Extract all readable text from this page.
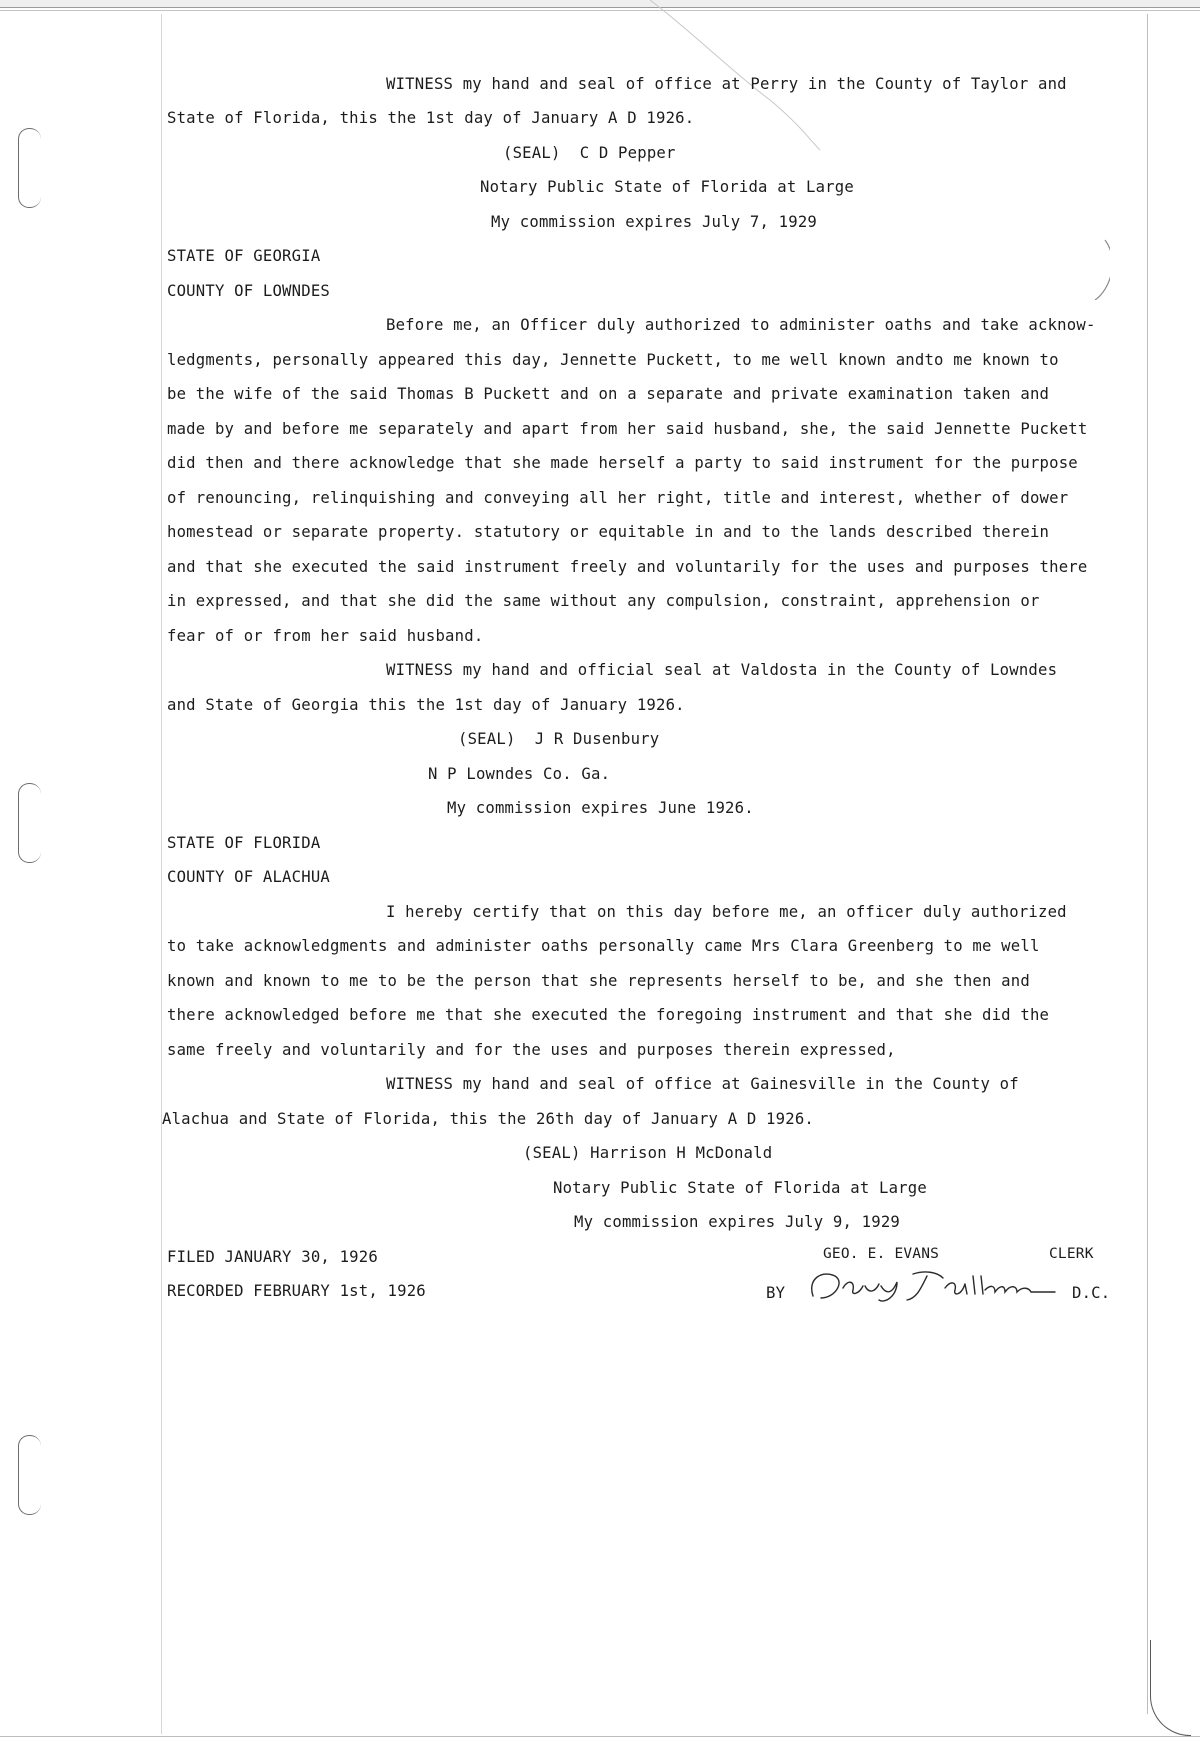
WITNESS my hand and seal of office at Perry in the County of Taylor and
State of Florida, this the 1st day of January A D 1926.
(SEAL)  C D Pepper
Notary Public State of Florida at Large
My commission expires July 7, 1929
STATE OF GEORGIA
COUNTY OF LOWNDES
Before me, an Officer duly authorized to administer oaths and take acknow-
ledgments, personally appeared this day, Jennette Puckett, to me well known andto me known to
be the wife of the said Thomas B Puckett and on a separate and private examination taken and
made by and before me separately and apart from her said husband, she, the said Jennette Puckett
did then and there acknowledge that she made herself a party to said instrument for the purpose
of renouncing, relinquishing and conveying all her right, title and interest, whether of dower
homestead or separate property. statutory or equitable in and to the lands described therein
and that she executed the said instrument freely and voluntarily for the uses and purposes there
in expressed, and that she did the same without any compulsion, constraint, apprehension or
fear of or from her said husband.
WITNESS my hand and official seal at Valdosta in the County of Lowndes
and State of Georgia this the 1st day of January 1926.
(SEAL)  J R Dusenbury
N P Lowndes Co. Ga.
My commission expires June 1926.
STATE OF FLORIDA
COUNTY OF ALACHUA
I hereby certify that on this day before me, an officer duly authorized
to take acknowledgments and administer oaths personally came Mrs Clara Greenberg to me well
known and known to me to be the person that she represents herself to be, and she then and
there acknowledged before me that she executed the foregoing instrument and that she did the
same freely and voluntarily and for the uses and purposes therein expressed,
WITNESS my hand and seal of office at Gainesville in the County of
Alachua and State of Florida, this the 26th day of January A D 1926.
(SEAL) Harrison H McDonald
Notary Public State of Florida at Large
My commission expires July 9, 1929
FILED JANUARY 30, 1926
RECORDED FEBRUARY 1st, 1926
GEO. E. EVANS	CLERK
BY	D.C.
